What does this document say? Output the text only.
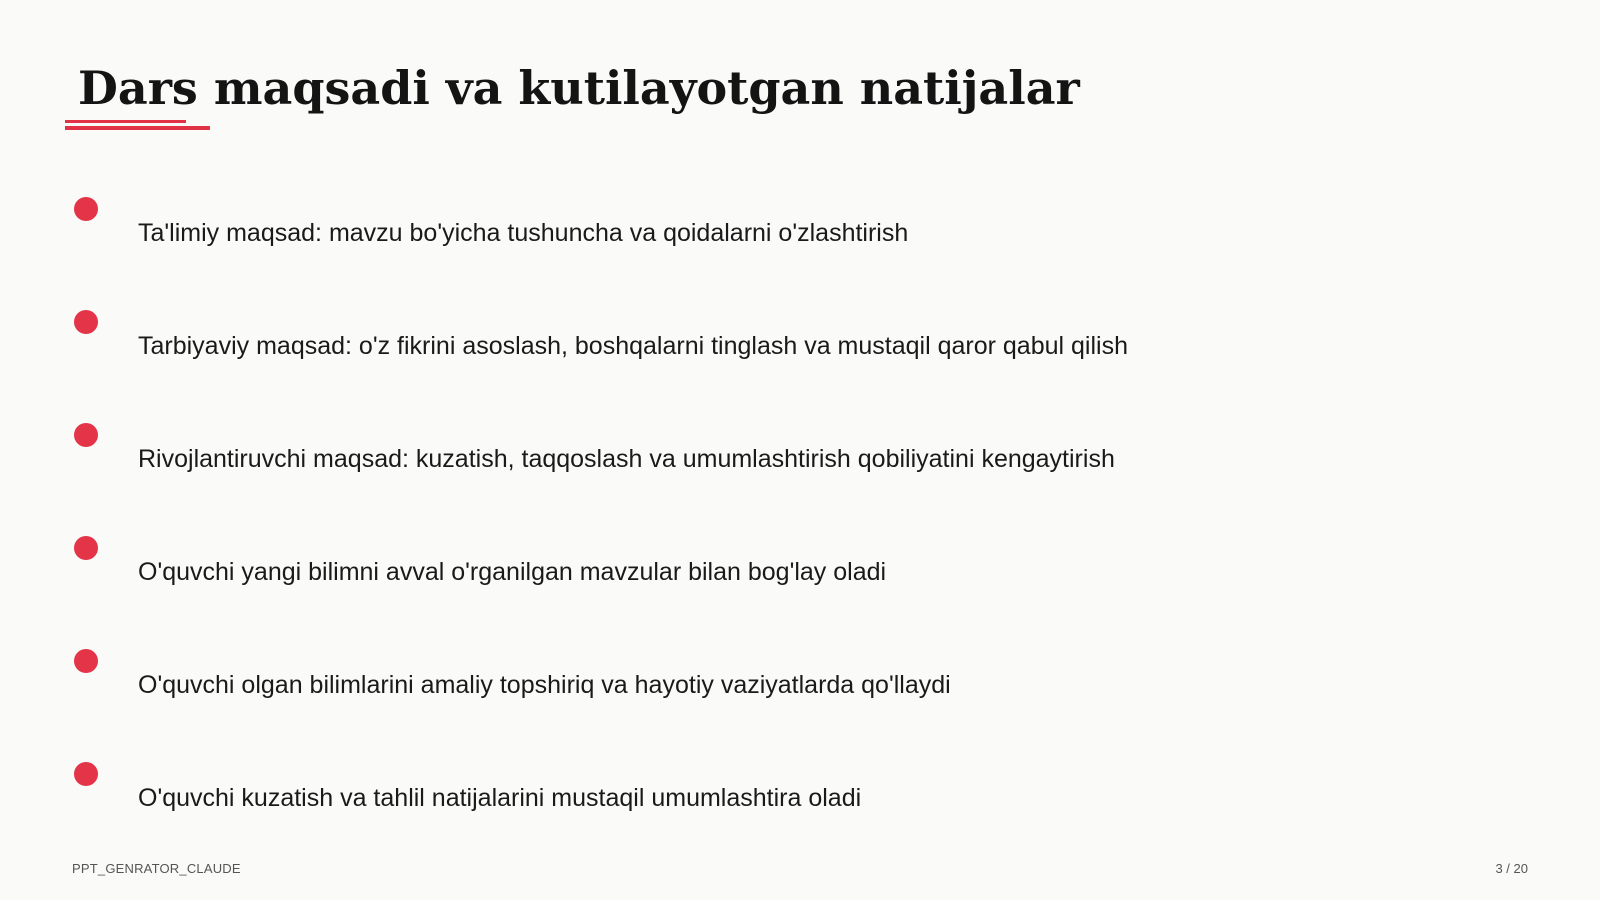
Dars maqsadi va kutilayotgan natijalar
Ta'limiy maqsad: mavzu bo'yicha tushuncha va qoidalarni o'zlashtirish
Tarbiyaviy maqsad: o'z fikrini asoslash, boshqalarni tinglash va mustaqil qaror qabul qilish
Rivojlantiruvchi maqsad: kuzatish, taqqoslash va umumlashtirish qobiliyatini kengaytirish
O'quvchi yangi bilimni avval o'rganilgan mavzular bilan bog'lay oladi
O'quvchi olgan bilimlarini amaliy topshiriq va hayotiy vaziyatlarda qo'llaydi
O'quvchi kuzatish va tahlil natijalarini mustaqil umumlashtira oladi
PPT_GENRATOR_CLAUDE	3 / 20
